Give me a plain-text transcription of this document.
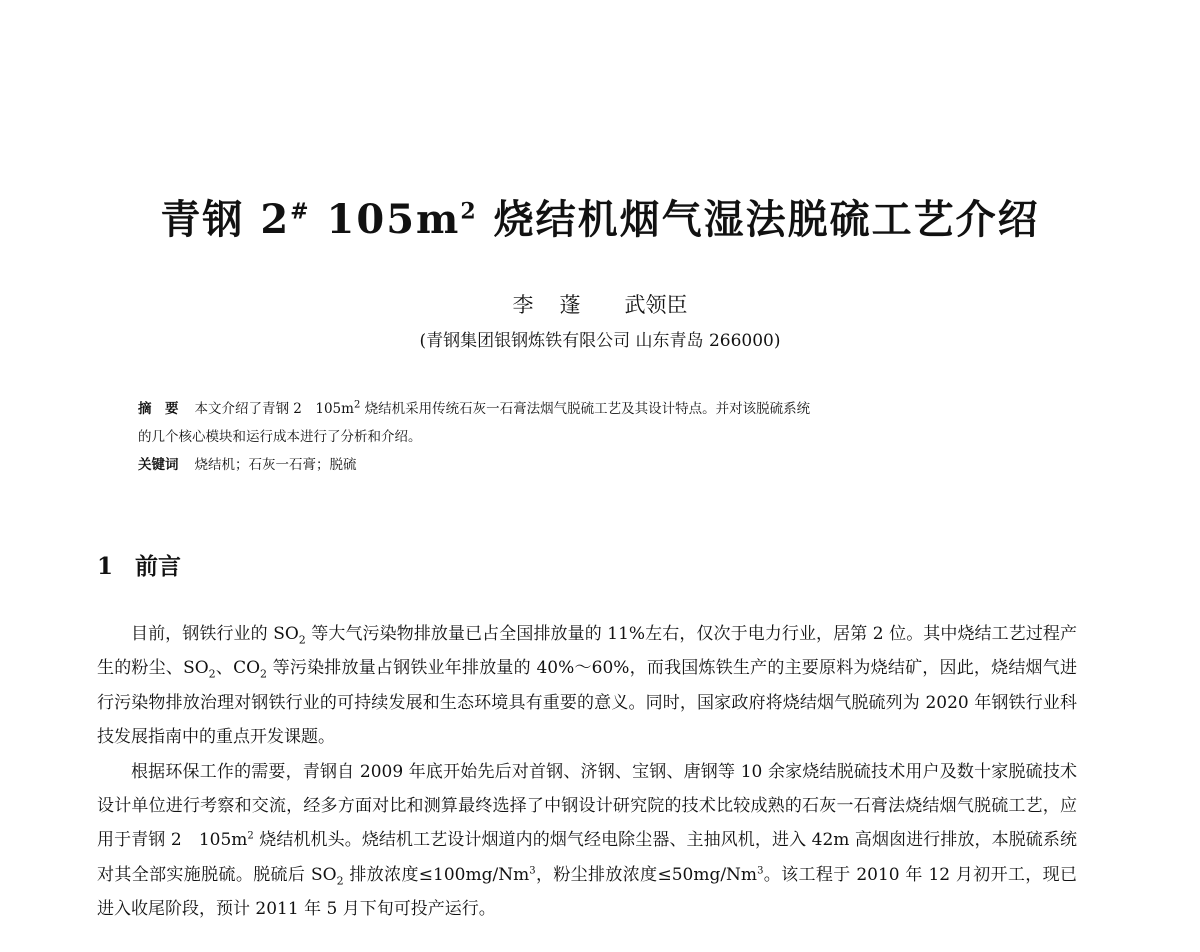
青钢 2# $105m^2$ 烧结机烟气湿法脱硫工艺介绍
李 蓬 武领臣
(青钢集团银钢炼铁有限公司 山东青岛 266000)

摘　要 本文介绍了青钢 2　$105m^2$ 烧结机采用传统石灰一石膏法烟气脱硫工艺及其设计特点。并对该脱硫系统
的几个核心模块和运行成本进行了分析和介绍。

关键词 烧结机；石灰一石膏；脱硫

1 前言

目前，钢铁行业的 $SO_2$ 等大气污染物排放量已占全国排放量的 11%左右，仅次于电力行业，居第 2 位。其中烧结工艺过程产生的粉尘、$SO_2$、$CO_2$ 等污染排放量占钢铁业年排放量的 40%～60%，而我国炼铁生产的主要原料为烧结矿，因此，烧结烟气进行污染物排放治理对钢铁行业的可持续发展和生态环境具有重要的意义。同时，国家政府将烧结烟气脱硫列为 2020 年钢铁行业科技发展指南中的重点开发课题。

根据环保工作的需要，青钢自 2009 年底开始先后对首钢、济钢、宝钢、唐钢等 10 余家烧结脱硫技术用户及数十家脱硫技术设计单位进行考察和交流，经多方面对比和测算最终选择了中钢设计研究院的技术比较成熟的石灰一石膏法烧结烟气脱硫工艺，应用于青钢 2　$105m^2$ 烧结机机头。烧结机工艺设计烟道内的烟气经电除尘器、主抽风机，进入 42m 高烟囱进行排放，本脱硫系统对其全部实施脱硫。脱硫后 $SO_2$ 排放浓度$\le 100mg/Nm^3$，粉尘排放浓度$\le 50mg/Nm^3$。该工程于 2010 年 12 月初开工，现已进入收尾阶段，预计 2011 年 5 月下旬可投产运行。
